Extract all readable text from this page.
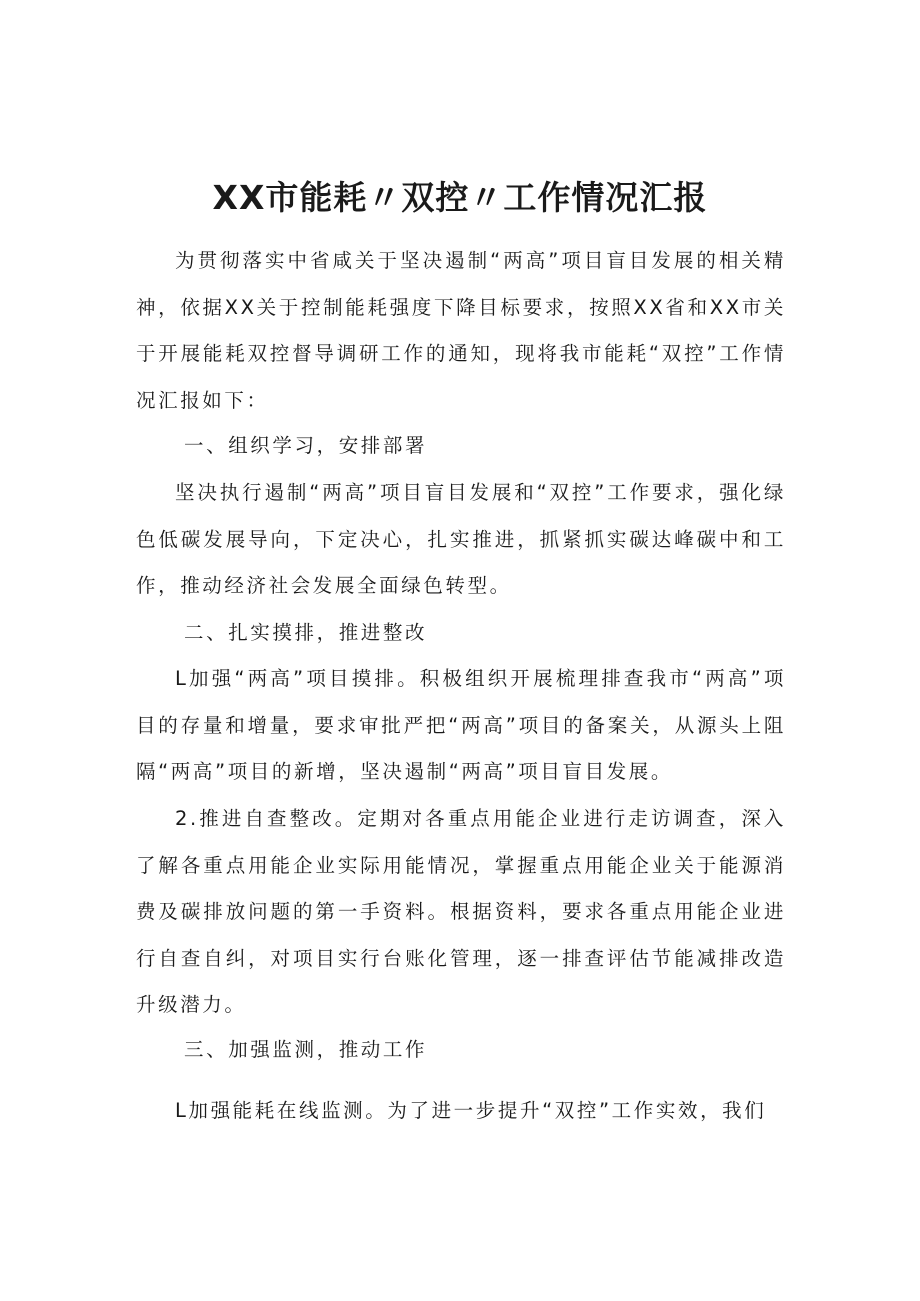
XX市能耗〃双控〃工作情况汇报
为贯彻落实中省咸关于坚决遏制“两高”项目盲目发展的相关精神，依据XX关于控制能耗强度下降目标要求，按照XX省和XX市关于开展能耗双控督导调研工作的通知，现将我市能耗“双控”工作情况汇报如下：
一、组织学习，安排部署
坚决执行遏制“两高”项目盲目发展和“双控”工作要求，强化绿色低碳发展导向，下定决心，扎实推进，抓紧抓实碳达峰碳中和工作，推动经济社会发展全面绿色转型。
二、扎实摸排，推进整改
L加强“两高”项目摸排。积极组织开展梳理排查我市“两高”项目的存量和增量，要求审批严把“两高”项目的备案关，从源头上阻隔“两高”项目的新增，坚决遏制“两高”项目盲目发展。
2.推进自查整改。定期对各重点用能企业进行走访调查，深入了解各重点用能企业实际用能情况，掌握重点用能企业关于能源消费及碳排放问题的第一手资料。根据资料，要求各重点用能企业进行自查自纠，对项目实行台账化管理，逐一排查评估节能减排改造升级潜力。
三、加强监测，推动工作
L加强能耗在线监测。为了进一步提升“双控”工作实效，我们
